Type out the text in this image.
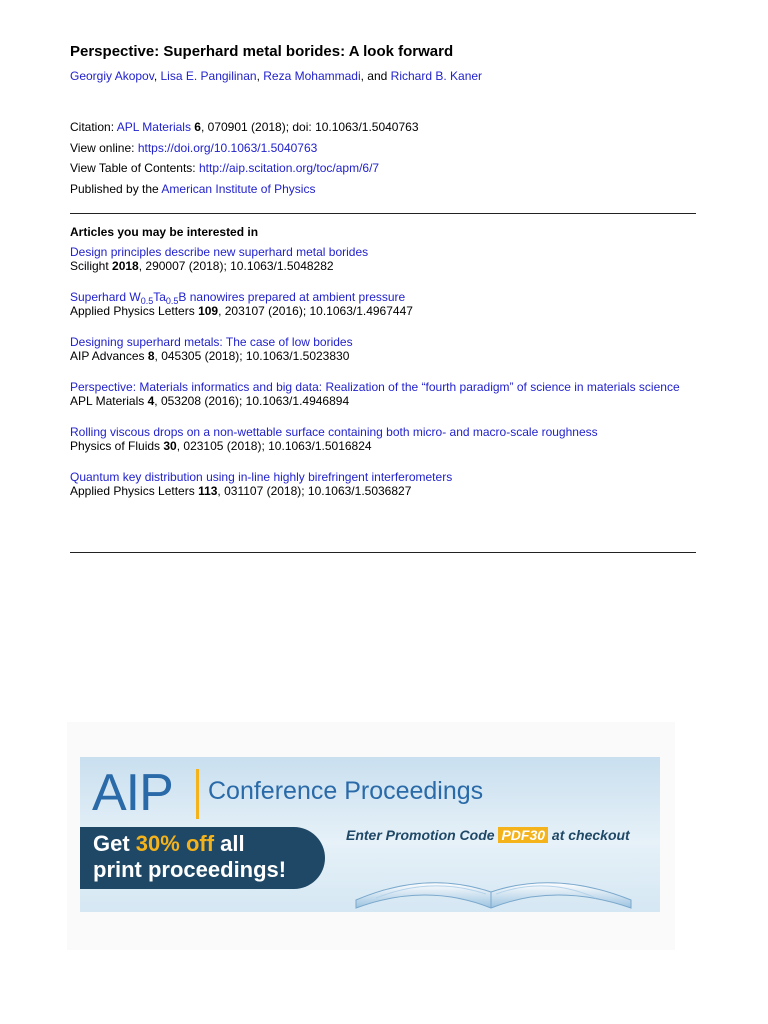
Perspective: Superhard metal borides: A look forward
Georgiy Akopov, Lisa E. Pangilinan, Reza Mohammadi, and Richard B. Kaner
Citation: APL Materials 6, 070901 (2018); doi: 10.1063/1.5040763
View online: https://doi.org/10.1063/1.5040763
View Table of Contents: http://aip.scitation.org/toc/apm/6/7
Published by the American Institute of Physics
Articles you may be interested in
Design principles describe new superhard metal borides
Scilight 2018, 290007 (2018); 10.1063/1.5048282
Superhard $W_{0.5}Ta_{0.5}B$ nanowires prepared at ambient pressure
Applied Physics Letters 109, 203107 (2016); 10.1063/1.4967447
Designing superhard metals: The case of low borides
AIP Advances 8, 045305 (2018); 10.1063/1.5023830
Perspective: Materials informatics and big data: Realization of the “fourth paradigm” of science in materials science
APL Materials 4, 053208 (2016); 10.1063/1.4946894
Rolling viscous drops on a non-wettable surface containing both micro- and macro-scale roughness
Physics of Fluids 30, 023105 (2018); 10.1063/1.5016824
Quantum key distribution using in-line highly birefringent interferometers
Applied Physics Letters 113, 031107 (2018); 10.1063/1.5036827
AIP Conference Proceedings
Get 30% off all
print proceedings!
Enter Promotion Code PDF30 at checkout
